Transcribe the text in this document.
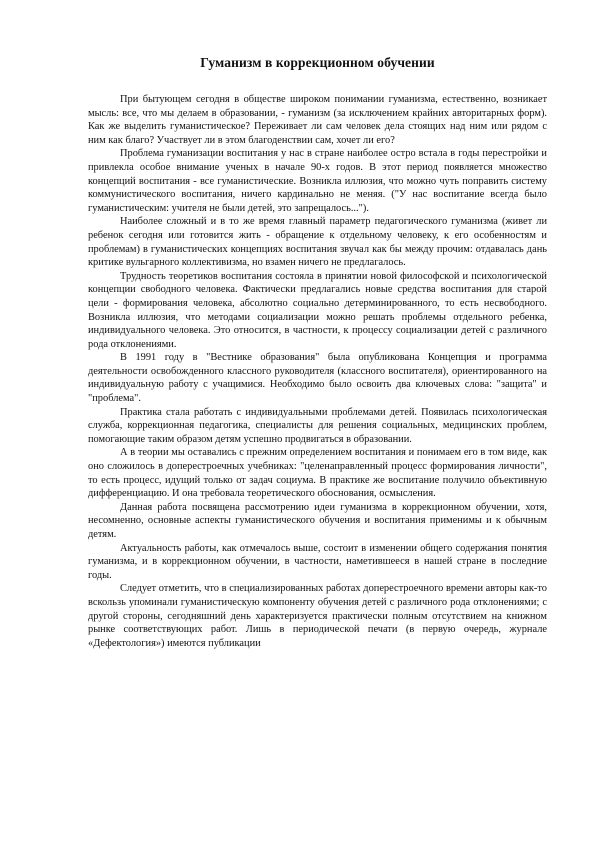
Гуманизм в коррекционном обучении

При бытующем сегодня в обществе широком понимании гуманизма, естественно, возникает мысль: все, что мы делаем в образовании, - гуманизм (за исключением крайних авторитарных форм). Как же выделить гуманистическое? Переживает ли сам человек дела стоящих над ним или рядом с ним как благо? Участвует ли в этом благоденствии сам, хочет ли его?

Проблема гуманизации воспитания у нас в стране наиболее остро встала в годы перестройки и привлекла особое внимание ученых в начале 90-х годов. В этот период появляется множество концепций воспитания - все гуманистические. Возникла иллюзия, что можно чуть поправить систему коммунистического воспитания, ничего кардинально не меняя. ("У нас воспитание всегда было гуманистическим: учителя не были детей, это запрещалось...").

Наиболее сложный и в то же время главный параметр педагогического гуманизма (живет ли ребенок сегодня или готовится жить - обращение к отдельному человеку, к его особенностям и проблемам) в гуманистических концепциях воспитания звучал как бы между прочим: отдавалась дань критике вульгарного коллективизма, но взамен ничего не предлагалось.

Трудность теоретиков воспитания состояла в принятии новой философской и психологической концепции свободного человека. Фактически предлагались новые средства воспитания для старой цели - формирования человека, абсолютно социально детерминированного, то есть несвободного. Возникла иллюзия, что методами социализации можно решать проблемы отдельного ребенка, индивидуального человека. Это относится, в частности, к процессу социализации детей с различного рода отклонениями.

В 1991 году в "Вестнике образования" была опубликована Концепция и программа деятельности освобожденного классного руководителя (классного воспитателя), ориентированного на индивидуальную работу с учащимися. Необходимо было освоить два ключевых слова: "защита" и "проблема".

Практика стала работать с индивидуальными проблемами детей. Появилась психологическая служба, коррекционная педагогика, специалисты для решения социальных, медицинских проблем, помогающие таким образом детям успешно продвигаться в образовании.

А в теории мы оставались с прежним определением воспитания и понимаем его в том виде, как оно сложилось в доперестроечных учебниках: "целенаправленный процесс формирования личности", то есть процесс, идущий только от задач социума. В практике же воспитание получило объективную дифференциацию. И она требовала теоретического обоснования, осмысления.

Данная работа посвящена рассмотрению идеи гуманизма в коррекционном обучении, хотя, несомненно, основные аспекты гуманистического обучения и воспитания применимы и к обычным детям.

Актуальность работы, как отмечалось выше, состоит в изменении общего содержания понятия гуманизма, и в коррекционном обучении, в частности, наметившееся в нашей стране в последние годы.

Следует отметить, что в специализированных работах доперестроечного времени авторы как-то вскользь упоминали гуманистическую компоненту обучения детей с различного рода отклонениями; с другой стороны, сегодняшний день характеризуется практически полным отсутствием на книжном рынке соответствующих работ. Лишь в периодической печати (в первую очередь, журнале «Дефектология») имеются публикации
